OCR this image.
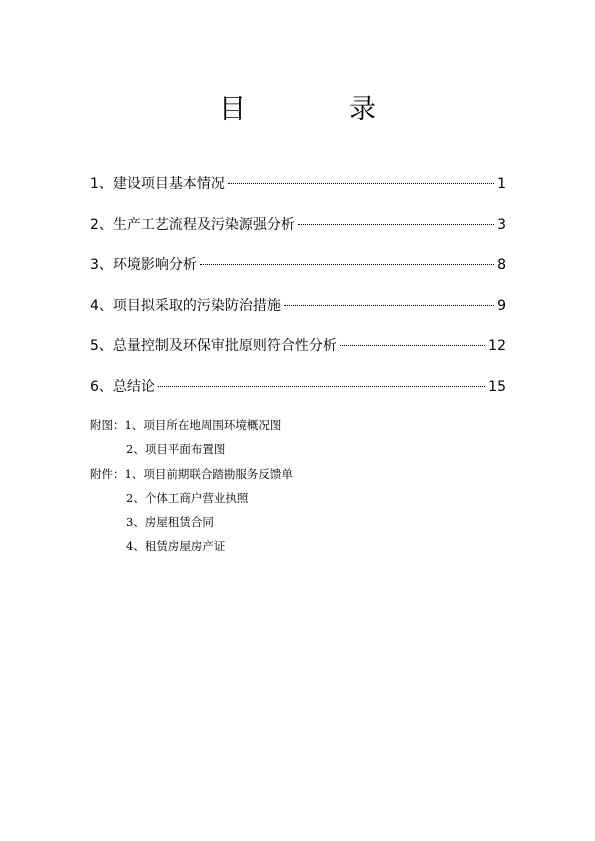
目　录
1 、 建设项目基本情况	1
2 、 生产工艺流程及污染源强分析	3
3 、 环境影响分析	8
4 、 项目拟采取的污染防治措施	9
5 、 总量控制及环保审批原则符合性分析	12
6 、 总结论	15
附图：1、项目所在地周围环境概况图
2、项目平面布置图
附件：1、项目前期联合踏勘服务反馈单
2、个体工商户营业执照
3、房屋租赁合同
4、租赁房屋房产证
